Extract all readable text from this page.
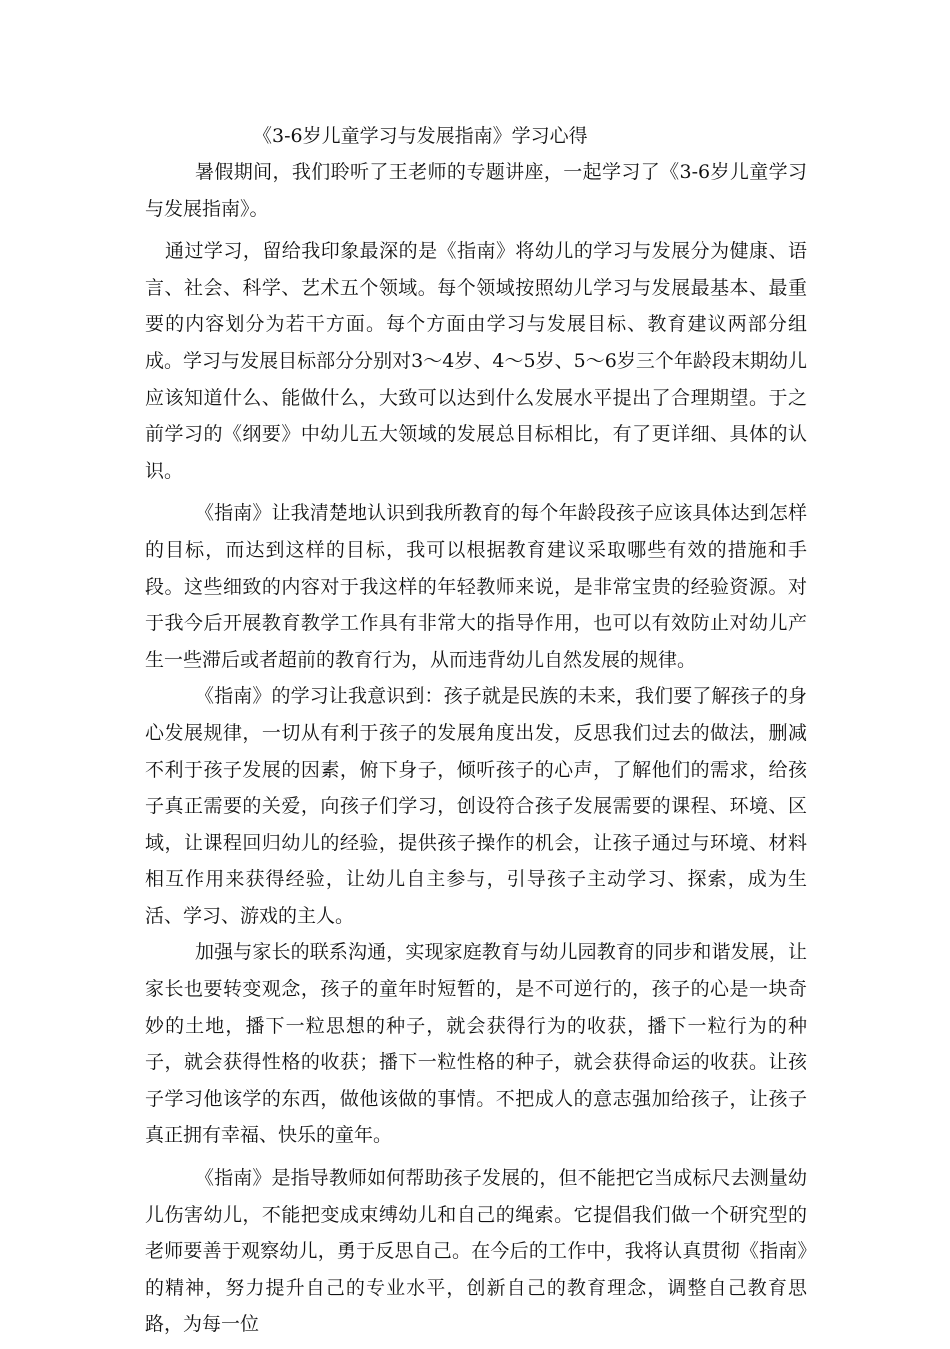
《3-6岁儿童学习与发展指南》学习心得

暑假期间，我们聆听了王老师的专题讲座，一起学习了《3-6岁儿童学习与发展指南》。

通过学习，留给我印象最深的是《指南》将幼儿的学习与发展分为健康、语言、社会、科学、艺术五个领域。每个领域按照幼儿学习与发展最基本、最重要的内容划分为若干方面。每个方面由学习与发展目标、教育建议两部分组成。学习与发展目标部分分别对3～4岁、4～5岁、5～6岁三个年龄段末期幼儿应该知道什么、能做什么，大致可以达到什么发展水平提出了合理期望。于之前学习的《纲要》中幼儿五大领域的发展总目标相比，有了更详细、具体的认识。

《指南》让我清楚地认识到我所教育的每个年龄段孩子应该具体达到怎样的目标，而达到这样的目标，我可以根据教育建议采取哪些有效的措施和手段。这些细致的内容对于我这样的年轻教师来说，是非常宝贵的经验资源。对于我今后开展教育教学工作具有非常大的指导作用，也可以有效防止对幼儿产生一些滞后或者超前的教育行为，从而违背幼儿自然发展的规律。

《指南》的学习让我意识到：孩子就是民族的未来，我们要了解孩子的身心发展规律，一切从有利于孩子的发展角度出发，反思我们过去的做法，删减不利于孩子发展的因素，俯下身子，倾听孩子的心声，了解他们的需求，给孩子真正需要的关爱，向孩子们学习，创设符合孩子发展需要的课程、环境、区域，让课程回归幼儿的经验，提供孩子操作的机会，让孩子通过与环境、材料相互作用来获得经验，让幼儿自主参与，引导孩子主动学习、探索，成为生活、学习、游戏的主人。

加强与家长的联系沟通，实现家庭教育与幼儿园教育的同步和谐发展，让家长也要转变观念，孩子的童年时短暂的，是不可逆行的，孩子的心是一块奇妙的土地，播下一粒思想的种子，就会获得行为的收获，播下一粒行为的种子，就会获得性格的收获；播下一粒性格的种子，就会获得命运的收获。让孩子学习他该学的东西，做他该做的事情。不把成人的意志强加给孩子，让孩子真正拥有幸福、快乐的童年。

《指南》是指导教师如何帮助孩子发展的，但不能把它当成标尺去测量幼儿伤害幼儿，不能把变成束缚幼儿和自己的绳索。它提倡我们做一个研究型的老师要善于观察幼儿，勇于反思自己。在今后的工作中，我将认真贯彻《指南》的精神，努力提升自己的专业水平，创新自己的教育理念，调整自己教育思路，为每一位
